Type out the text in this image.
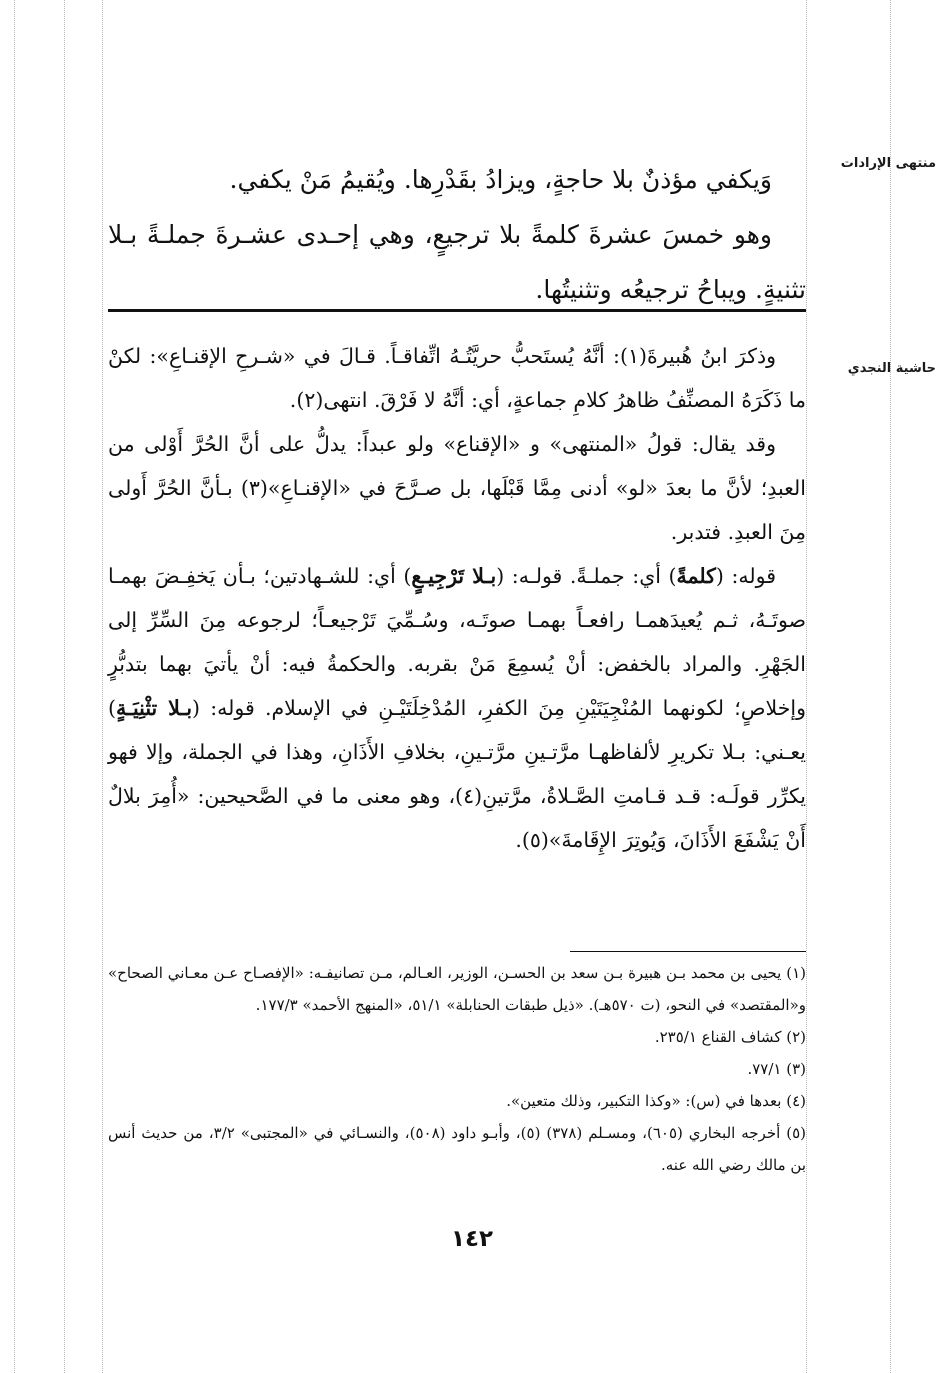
منتهى الإرادات
حاشية النجدي

وَيكفي مؤذنٌ بلا حاجةٍ، ويزادُ بقَدْرِها. ويُقيمُ مَنْ يكفي.

وهو خمسَ عشرةَ كلمةً بلا ترجيعٍ، وهي إحـدى عشـرةَ جملـةً بـلا تثنيةٍ. ويباحُ ترجيعُه وتثنيتُها.

وذكرَ ابنُ هُبيرةَ(١): أنَّهُ يُستَحبُّ حريَّتُـهُ اتِّفاقـاً. قـالَ في «شـرحِ الإقنـاعِ»: لكنْ ما ذَكَرَهُ المصنِّفُ ظاهرُ كلامِ جماعةٍ، أي: أنَّهُ لا فَرْقَ. انتهى(٢).

وقد يقال: قولُ «المنتهى» و «الإقناع» ولو عبداً: يدلُّ على أنَّ الحُرَّ أَوْلى من العبدِ؛ لأنَّ ما بعدَ «لو» أدنى مِمَّا قَبْلَها، بل صـرَّحَ في «الإقنـاعِ»(٣) بـأنَّ الحُرَّ أَولى مِنَ العبدِ. فتدبر.

قوله: (كلمةً) أي: جملـةً. قولـه: (بـلا تَرْجِيـعٍ) أي: للشـهادتين؛ بـأن يَخفِـضَ بهمـا صوتَـهُ، ثـم يُعيدَهمـا رافعـاً بهمـا صوتَـه، وسُـمِّيَ تَرْجيعـاً؛ لرجوعه مِنَ السِّرِّ إلى الجَهْرِ. والمراد بالخفض: أنْ يُسمِعَ مَنْ بقربه. والحكمةُ فيه: أنْ يأتيَ بهما بتدبُّرٍ وإخلاصٍ؛ لكونهما المُنْجِيَتَيْنِ مِنَ الكفرِ، المُدْخِلَتَيْـنِ في الإسلام. قوله: (بـلا تثْنِيَـةٍ) يعـني: بـلا تكريرِ لألفاظهـا مرَّتـينِ مرَّتـينِ، بخلافِ الأَذَانِ، وهذا في الجملة، وإلا فهو يكرِّر قولَـه: قـد قـامتِ الصَّـلاةُ، مرَّتينِ(٤)، وهو معنى ما في الصَّحيحين: «أُمِرَ بلالٌ أَنْ يَشْفَعَ الأَذَانَ، وَيُوتِرَ الإِقَامةَ»(٥).

(١) يحيى بن محمد بـن هبيرة بـن سعد بن الحسـن، الوزير، العـالم، مـن تصانيفـه: «الإفصـاح عـن معـاني الصحاح» و«المقتصد» في النحو، (ت ٥٧٠هـ). «ذيل طبقات الحنابلة» ٥١/١، «المنهج الأحمد» ١٧٧/٣.

(٢) كشاف القناع ٢٣٥/١.

(٣) ٧٧/١.

(٤) بعدها في (س): «وكذا التكبير، وذلك متعين».

(٥) أخرجه البخاري (٦٠٥)، ومسـلم (٣٧٨) (٥)، وأبـو داود (٥٠٨)، والنسـائي في «المجتبى» ٣/٢، من حديث أنس بن مالك رضي الله عنه.

١٤٢
